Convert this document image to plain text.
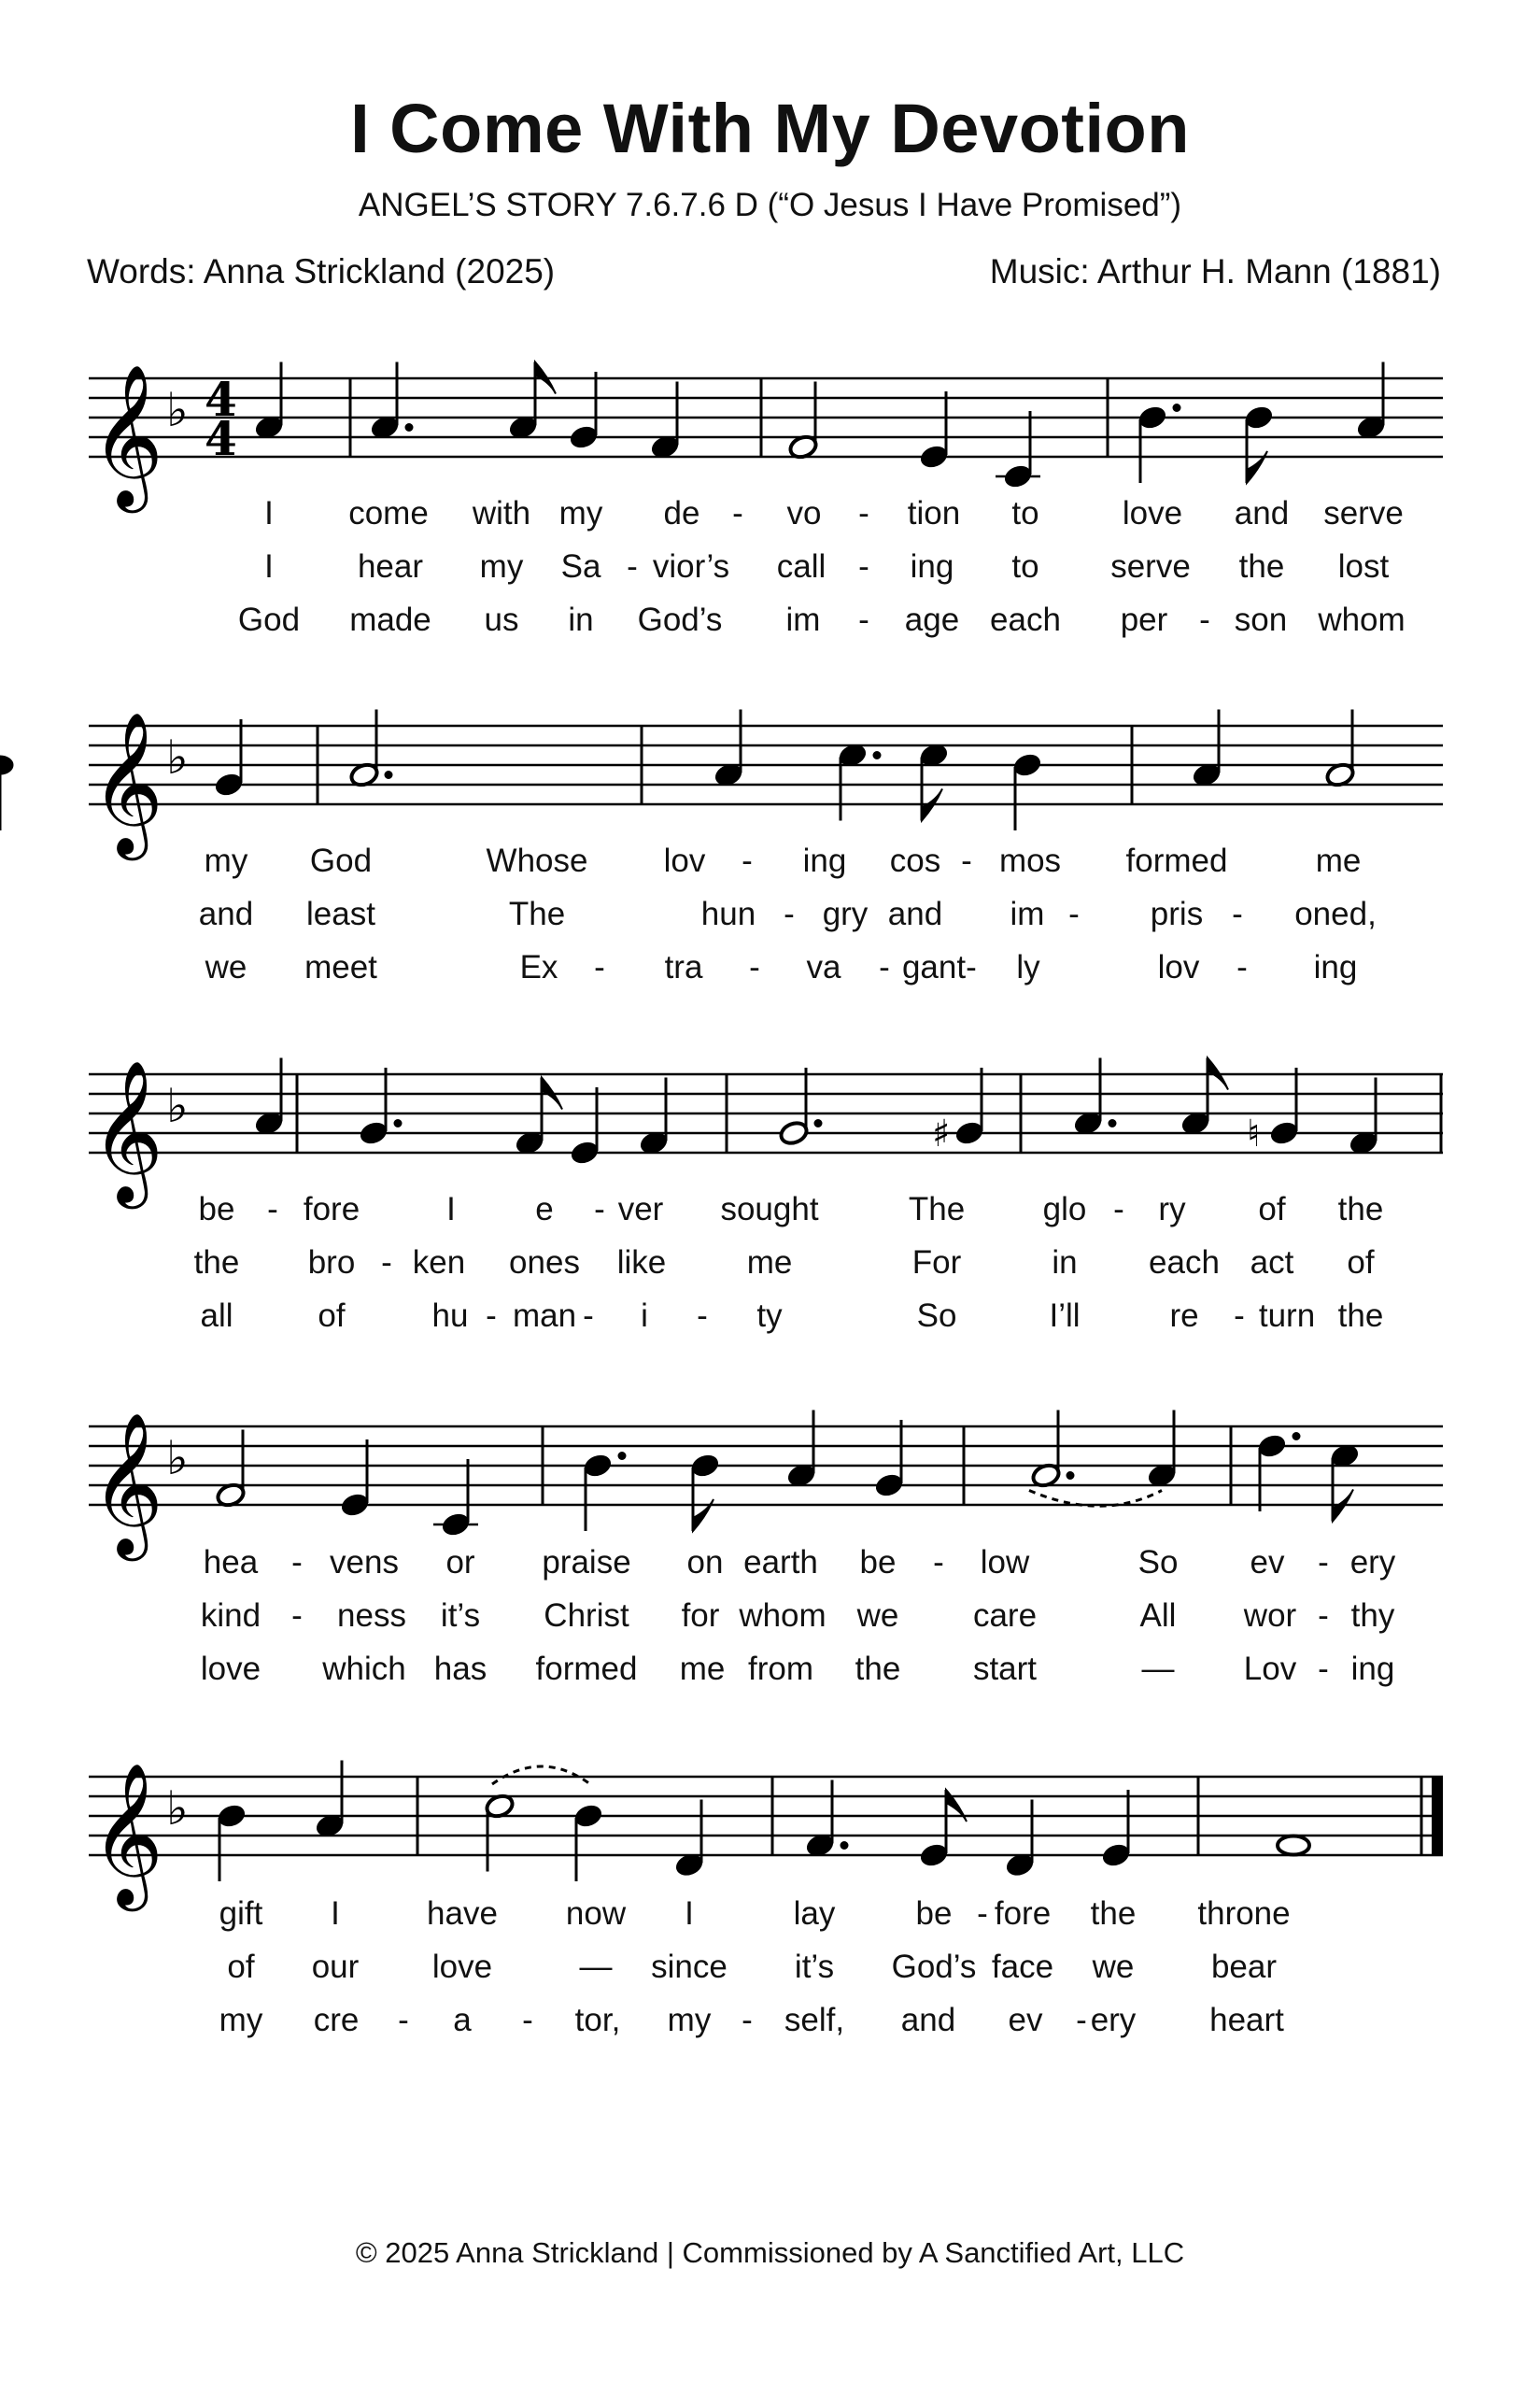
I Come With My Devotion
ANGEL’S STORY 7.6.7.6 D (“O Jesus I Have Promised”)
Words: Anna Strickland (2025)	Music: Arthur H. Mann (1881)
𝄞 ♭ 4
4
I come with my de - vo - tion to	love and serve
I	hear my Sa - vior’s call - ing to serve the lost
God made us in God’s im - age each per - son whom
𝄞 ♭
my God	Whose lov - ing cos - mos formed	me
and least	The	hun - gry and im - pris - oned,
we meet	Ex - tra - va - gant - ly	lov - ing
𝄞 ♭
♯	♮
be - fore	I e - ver sought	The glo - ry of the
the bro - ken ones like me	For	in each act of
all	of	hu - man - i - ty	So	I’ll	re - turn the
𝄞 ♭
hea - vens or praise on earth be - low	So ev - ery
kind - ness it’s Christ for whom we care	All wor - thy
love which has formed me from the start	— Lov - ing
𝄞 ♭
gift I	have now I	lay be - fore the throne
of our love	— since it’s God’s face we bear
my cre - a - tor, my - self, and ev - ery heart
© 2025 Anna Strickland | Commissioned by A Sanctified Art, LLC
